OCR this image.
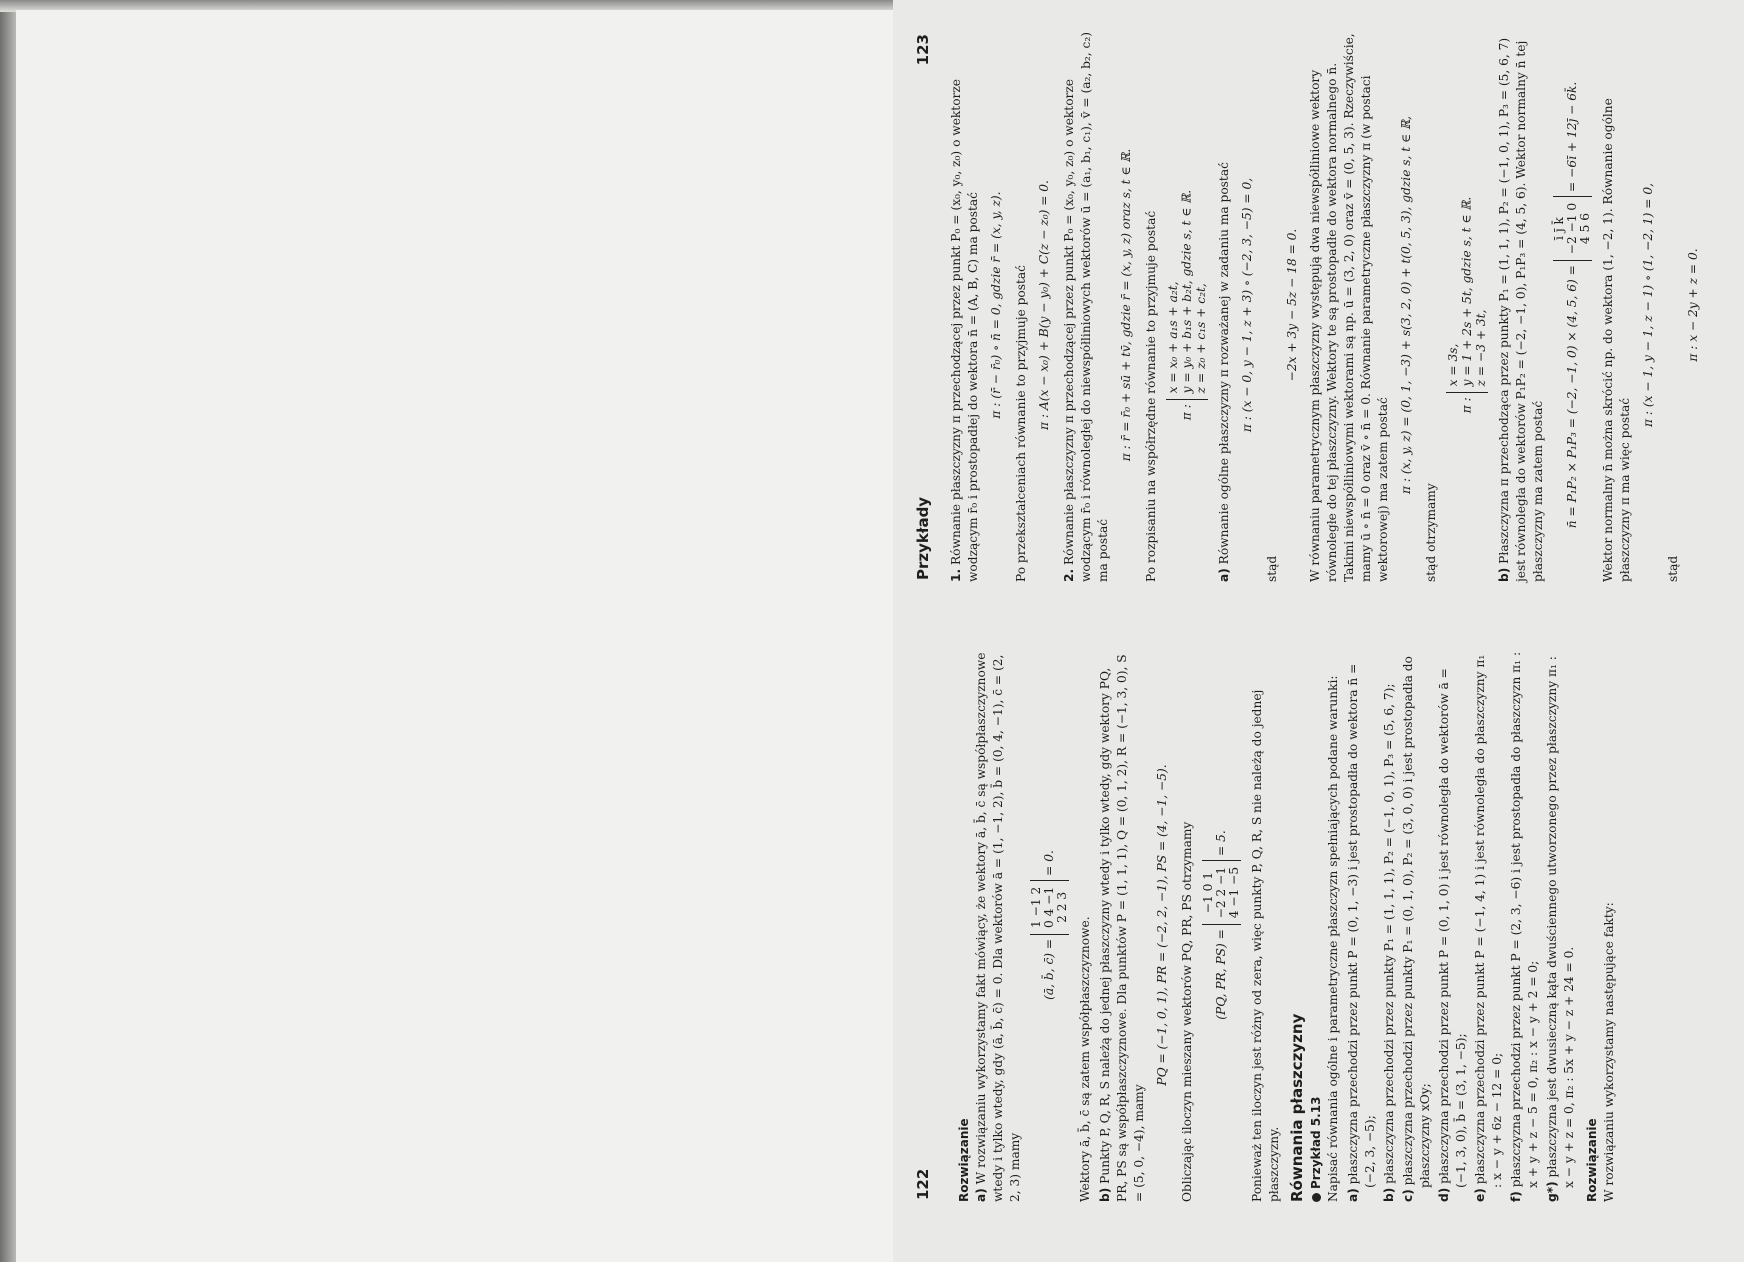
122 Rozwiązanie a) W rozwiązaniu wykorzystamy fakt mówiący, że wektory ā, b̄, c̄ są współpłaszczyznowe wtedy i tylko wtedy, gdy (ā, b̄, c̄) = 0. Dla wektorów ā = (1, −1, 2), b̄ = (0, 4, −1), c̄ = (2, 2, 3) mamy

(ā, b̄, c̄) =
1 −1 2 0 4 −1 2 2 3
= 0.

Wektory ā, b̄, c̄ są zatem współpłaszczyznowe. b) Punkty P, Q, R, S należą do jednej płaszczyzny wtedy i tylko wtedy, gdy wektory PQ, PR, PS są współpłaszczyznowe. Dla punktów P = (1, 1, 1), Q = (0, 1, 2), R = (−1, 3, 0), S = (5, 0, −4), mamy

PQ = (−1, 0, 1), PR = (−2, 2, −1), PS = (4, −1, −5). Obliczając iloczyn mieszany wektorów PQ, PR, PS otrzymamy	(PQ, PR, PS) =
−1 0 1 −2 2 −1 4 −1 −5
= 5.	Ponieważ ten iloczyn jest różny od zera, więc punkty P, Q, R, S nie należą do jednej płaszczyzny. Równania płaszczyzny Przykład 5.13 Napisać równania ogólne i parametryczne płaszczyzn spełniających podane warunki: a) płaszczyzna przechodzi przez punkt P = (0, 1, −3) i jest prostopadła do wektora n̄ = (−2, 3, −5);
b) płaszczyzna przechodzi przez punkty P₁ = (1, 1, 1), P₂ = (−1, 0, 1), P₃ = (5, 6, 7);
c) płaszczyzna przechodzi przez punkty P₁ = (0, 1, 0), P₂ = (3, 0, 0) i jest prostopadła do płaszczyzny xOy;
d) płaszczyzna przechodzi przez punkt P = (0, 1, 0) i jest równoległa do wektorów ā = (−1, 3, 0), b̄ = (3, 1, −5);
e) płaszczyzna przechodzi przez punkt P = (−1, 4, 1) i jest równoległa do płaszczyzny π₁ : x − y + 6z − 12 = 0;
f) płaszczyzna przechodzi przez punkt P = (2, 3, −6) i jest prostopadła do płaszczyzn π₁ : x + y + z − 5 = 0, π₂ : x − y + 2 = 0;
g*) płaszczyzna jest dwusieczną kąta dwuściennego utworzonego przez płaszczyzny π₁ : x − y + z = 0, π₂ : 5x + y − z + 24 = 0. Rozwiązanie W rozwiązaniu wykorzystamy następujące fakty:

Przykłady
123

1. Równanie płaszczyzny π przechodzącej przez punkt P₀ = (x₀, y₀, z₀) o wektorze wodzącym r̄₀ i prostopadłej do wektora n̄ = (A, B, C) ma postać π : (r̄ − r̄₀) ∘ n̄ = 0, gdzie r̄ = (x, y, z). Po przekształceniach równanie to przyjmuje postać π : A(x − x₀) + B(y − y₀) + C(z − z₀) = 0.

2. Równanie płaszczyzny π przechodzącej przez punkt P₀ = (x₀, y₀, z₀) o wektorze wodzącym r̄₀ i równoległej do niewspółliniowych wektorów ū = (a₁, b₁, c₁), v̄ = (a₂, b₂, c₂) ma postać

π : r̄ = r̄₀ + sū + tv̄, gdzie r̄ = (x, y, z) oraz s, t ∈ ℝ. Po rozpisaniu na współrzędne równanie to przyjmuje postać	π :
x = x₀ + a₁s + a₂t, y = y₀ + b₁s + b₂t, z = z₀ + c₁s + c₂t,
gdzie s, t ∈ ℝ.

a) Równanie ogólne płaszczyzny π rozważanej w zadaniu ma postać π : (x − 0, y − 1, z + 3) ∘ (−2, 3, −5) = 0,

stąd

−2x + 3y − 5z − 18 = 0. W równaniu parametrycznym płaszczyzny występują dwa niewspółliniowe wektory równoległe do tej płaszczyzny. Wektory te są prostopadłe do wektora normalnego n̄. Takimi niewspółliniowymi wektorami są np. ū = (3, 2, 0) oraz v̄ = (0, 5, 3). Rzeczywiście, mamy ū ∘ n̄ = 0 oraz v̄ ∘ n̄ = 0. Równanie parametryczne płaszczyzny π (w postaci wektorowej) ma zatem postać π : (x, y, z) = (0, 1, −3) + s(3, 2, 0) + t(0, 5, 3), gdzie s, t ∈ ℝ,

stąd otrzymamy

π :
x = 3s, y = 1 + 2s + 5t, z = −3 + 3t,
gdzie s, t ∈ ℝ.

b) Płaszczyzna π przechodząca przez punkty P₁ = (1, 1, 1), P₂ = (−1, 0, 1), P₃ = (5, 6, 7) jest równoległa do wektorów P₁P₂ = (−2, −1, 0), P₁P₃ = (4, 5, 6). Wektor normalny n̄ tej płaszczyzny ma zatem postać	n̄ = P₁P₂ × P₁P₃ = (−2, −1, 0) × (4, 5, 6) =
ī j̄ k̄ −2 −1 0 4 5 6
= −6ī + 12j̄ − 6k̄.	Wektor normalny n̄ można skrócić np. do wektora (1, −2, 1). Równanie ogólne płaszczyzny π ma więc postać

π : (x − 1, y − 1, z − 1) ∘ (1, −2, 1) = 0,

stąd

π : x − 2y + z = 0.
